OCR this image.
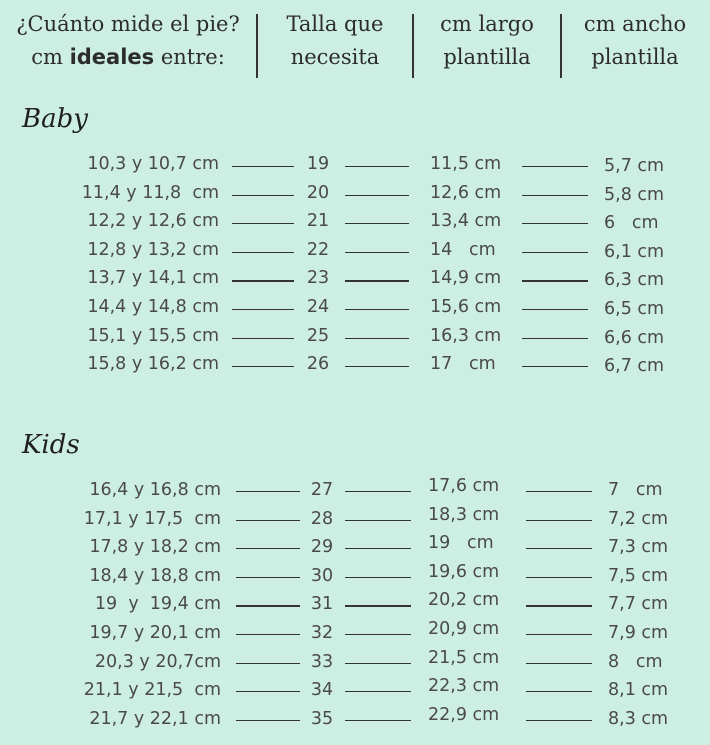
¿Cuánto mide el pie?
cm ideales entre:
Talla que
necesita
cm largo
plantilla
cm ancho
plantilla
Baby
10,3 y 10,7 cm	19	11,5 cm	5,7 cm
11,4 y 11,8  cm	20	12,6 cm	5,8 cm
12,2 y 12,6 cm	21	13,4 cm	6   cm
12,8 y 13,2 cm	22	14   cm	6,1 cm
13,7 y 14,1 cm	23	14,9 cm	6,3 cm
14,4 y 14,8 cm	24	15,6 cm	6,5 cm
15,1 y 15,5 cm	25	16,3 cm	6,6 cm
15,8 y 16,2 cm	26	17   cm	6,7 cm
Kids
16,4 y 16,8 cm	27	17,6 cm	7   cm
17,1 y 17,5  cm	28	18,3 cm	7,2 cm
17,8 y 18,2 cm	29	19   cm	7,3 cm
18,4 y 18,8 cm	30	19,6 cm	7,5 cm
19  y  19,4 cm	31	20,2 cm	7,7 cm
19,7 y 20,1 cm	32	20,9 cm	7,9 cm
20,3 y 20,7cm	33	21,5 cm	8   cm
21,1 y 21,5  cm	34	22,3 cm	8,1 cm
21,7 y 22,1 cm	35	22,9 cm	8,3 cm
